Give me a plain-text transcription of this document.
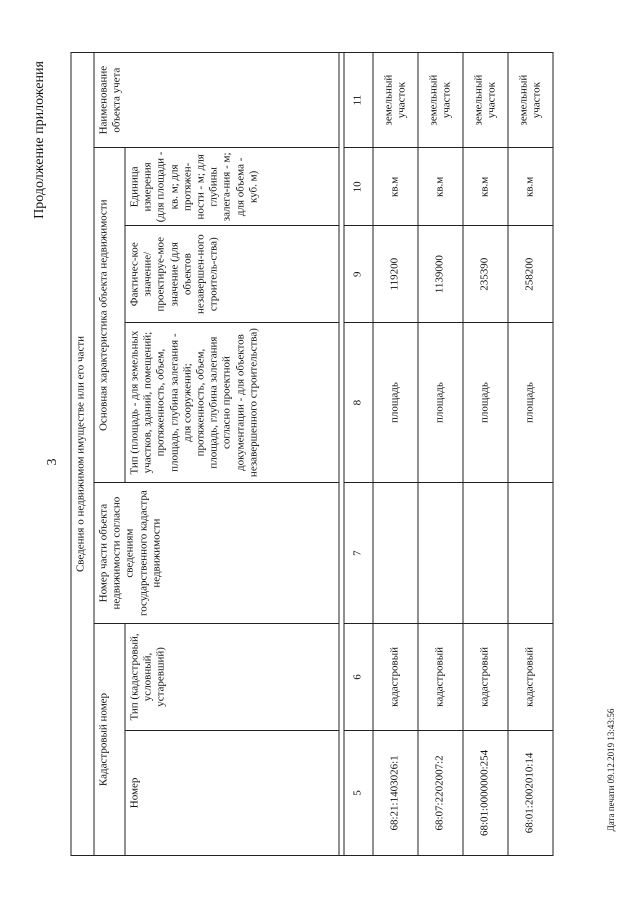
3
Продолжение приложения
Дата печати 09.12.2019 13:43:56
Сведения о недвижимом имуществе или его части						
Кадастровый номер		Номер части объекта недвижимости согласно сведениям государственного кадастра недвижимости	Основная характеристика объекта недвижимости			Наименование объекта учета
Номер	Тип (кадастровый, условный, устаревший)		Тип (площадь - для земельных участков, зданий, помещений; протяженность, объем, площадь, глубина залегания - для сооружений; протяженность, объем, площадь, глубина залегания согласно проектной документации - для объектов незавершенного строительства)	Фактичес-кое значение/ проектируе-мое значение (для объектов незавершен-ного строитель-ства)	Единица измерения (для площади - кв. м; для протяжен-ности - м; для глубины залега-ния - м; для объема - куб. м)	

5	6	7	8	9	10	11
68:21:1403026:1	кадастровый		площадь	119200	кв.м	земельный участок
68:07:2202007:2	кадастровый		площадь	1139000	кв.м	земельный участок
68:01:0000000:254	кадастровый		площадь	235390	кв.м	земельный участок
68:01:2002010:14	кадастровый		площадь	258200	кв.м	земельный участок
